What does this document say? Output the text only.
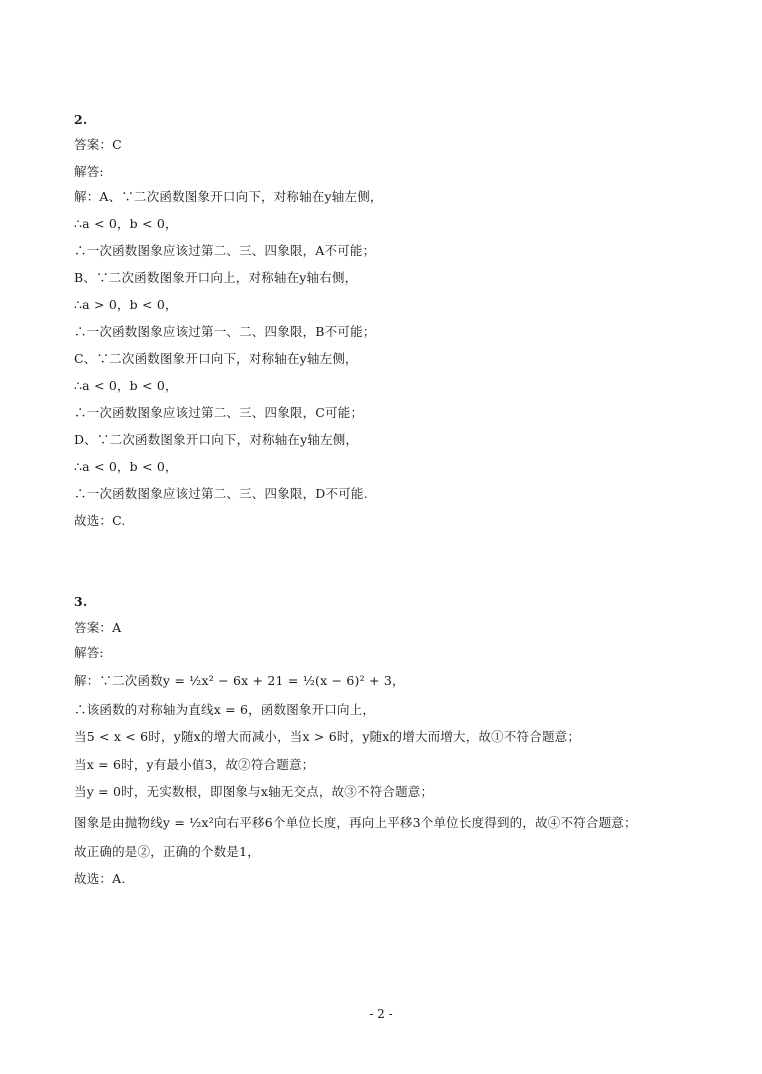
2.
答案：C
解答:
解：A、∵二次函数图象开口向下，对称轴在y轴左侧，
∴a < 0，b < 0，
∴一次函数图象应该过第二、三、四象限，A不可能；
B、∵二次函数图象开口向上，对称轴在y轴右侧，
∴a > 0，b < 0，
∴一次函数图象应该过第一、二、四象限，B不可能；
C、∵二次函数图象开口向下，对称轴在y轴左侧，
∴a < 0，b < 0，
∴一次函数图象应该过第二、三、四象限，C可能；
D、∵二次函数图象开口向下，对称轴在y轴左侧，
∴a < 0，b < 0，
∴一次函数图象应该过第二、三、四象限，D不可能.
故选：C.
3.
答案：A
解答:
解：∵二次函数y = ½x² − 6x + 21 = ½(x − 6)² + 3，
∴该函数的对称轴为直线x = 6，函数图象开口向上，
当5 < x < 6时，y随x的增大而减小，当x > 6时，y随x的增大而增大，故①不符合题意；
当x = 6时，y有最小值3，故②符合题意；
当y = 0时，无实数根，即图象与x轴无交点，故③不符合题意；
图象是由抛物线y = ½x²向右平移6个单位长度，再向上平移3个单位长度得到的，故④不符合题意；
故正确的是②，正确的个数是1，
故选：A.
- 2 -
